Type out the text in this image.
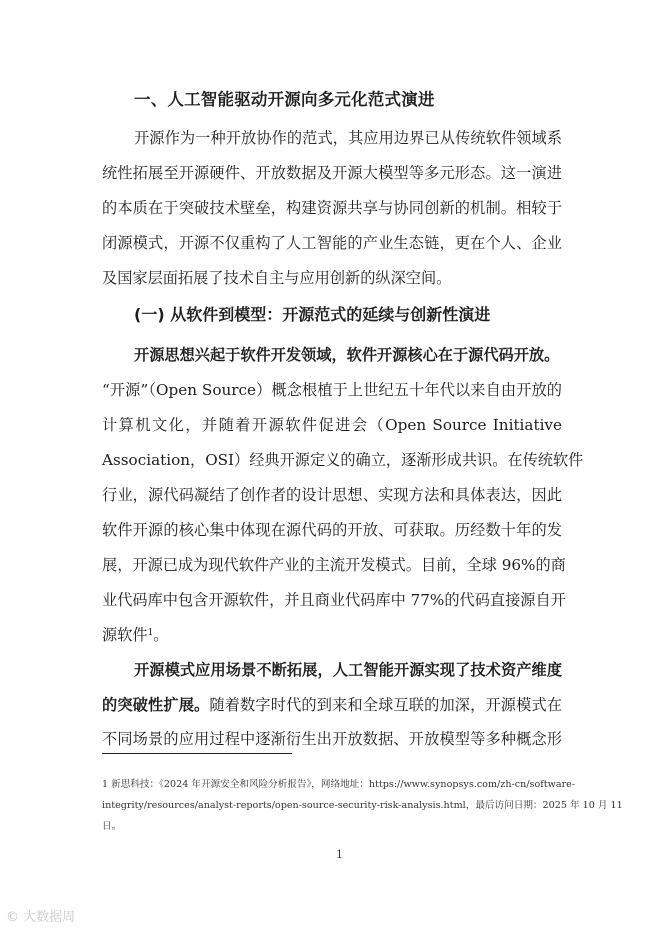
一、人工智能驱动开源向多元化范式演进
开源作为一种开放协作的范式，其应用边界已从传统软件领域系
统性拓展至开源硬件、开放数据及开源大模型等多元形态。这一演进
的本质在于突破技术壁垒，构建资源共享与协同创新的机制。相较于
闭源模式，开源不仅重构了人工智能的产业生态链，更在个人、企业
及国家层面拓展了技术自主与应用创新的纵深空间。
(一) 从软件到模型：开源范式的延续与创新性演进
开源思想兴起于软件开发领域，软件开源核心在于源代码开放。
“开源”（Open Source）概念根植于上世纪五十年代以来自由开放的
计算机文化，并随着开源软件促进会（Open Source Initiative
Association，OSI）经典开源定义的确立，逐渐形成共识。在传统软件
行业，源代码凝结了创作者的设计思想、实现方法和具体表达，因此
软件开源的核心集中体现在源代码的开放、可获取。历经数十年的发
展，开源已成为现代软件产业的主流开发模式。目前，全球 96%的商
业代码库中包含开源软件，并且商业代码库中 77%的代码直接源自开
源软件$^1$。
开源模式应用场景不断拓展，人工智能开源实现了技术资产维度
的突破性扩展。随着数字时代的到来和全球互联的加深，开源模式在
不同场景的应用过程中逐渐衍生出开放数据、开放模型等多种概念形
1 新思科技：《2024 年开源安全和风险分析报告》，网络地址：https://www.synopsys.com/zh-cn/software-
integrity/resources/analyst-reports/open-source-security-risk-analysis.html，最后访问日期：2025 年 10 月 11
日。
1
© 大数据周
